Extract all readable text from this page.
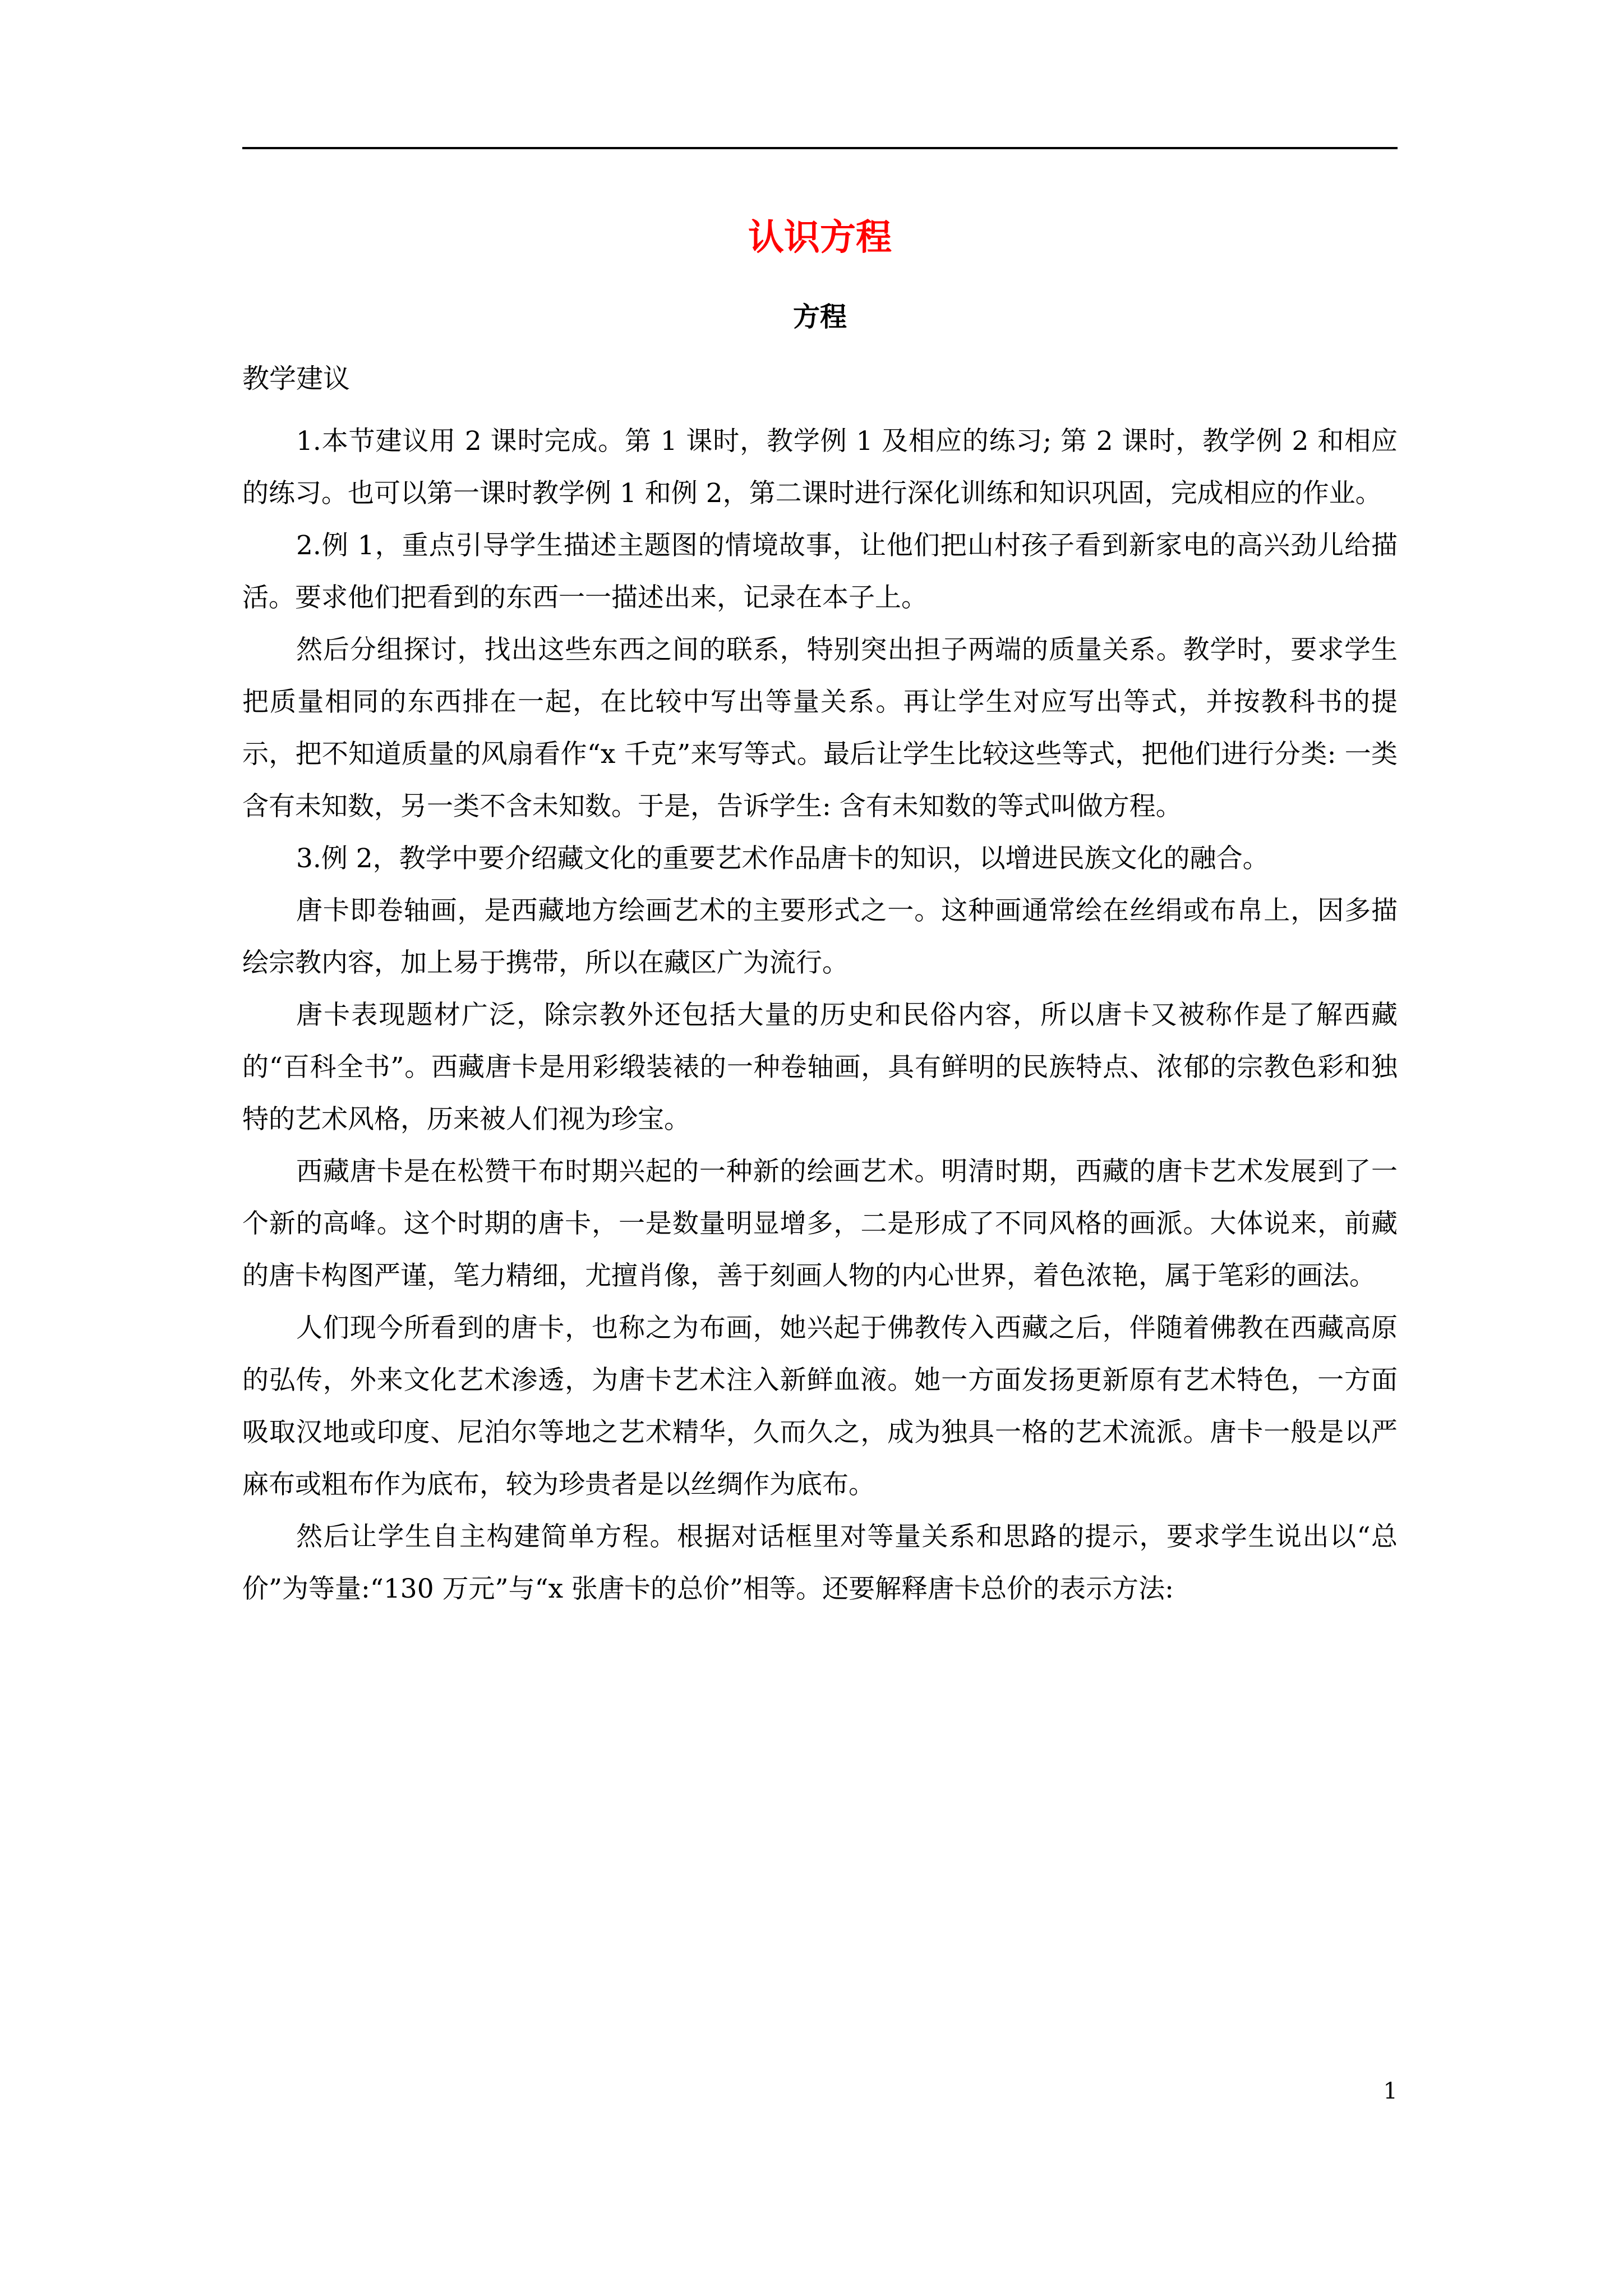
认识方程
方程
教学建议

1.本节建议用 2 课时完成。第 1 课时，教学例 1 及相应的练习; 第 2 课时，教学例 2 和相应的练习。也可以第一课时教学例 1 和例 2，第二课时进行深化训练和知识巩固，完成相应的作业。

2.例 1，重点引导学生描述主题图的情境故事，让他们把山村孩子看到新家电的高兴劲儿给描活。要求他们把看到的东西一一描述出来，记录在本子上。

然后分组探讨，找出这些东西之间的联系，特别突出担子两端的质量关系。教学时，要求学生把质量相同的东西排在一起，在比较中写出等量关系。再让学生对应写出等式，并按教科书的提示，把不知道质量的风扇看作“x 千克”来写等式。最后让学生比较这些等式，把他们进行分类: 一类含有未知数，另一类不含未知数。于是，告诉学生: 含有未知数的等式叫做方程。

3.例 2，教学中要介绍藏文化的重要艺术作品唐卡的知识，以增进民族文化的融合。

唐卡即卷轴画，是西藏地方绘画艺术的主要形式之一。这种画通常绘在丝绢或布帛上，因多描绘宗教内容，加上易于携带，所以在藏区广为流行。

唐卡表现题材广泛，除宗教外还包括大量的历史和民俗内容，所以唐卡又被称作是了解西藏的“百科全书”。西藏唐卡是用彩缎装裱的一种卷轴画，具有鲜明的民族特点、浓郁的宗教色彩和独特的艺术风格，历来被人们视为珍宝。

西藏唐卡是在松赞干布时期兴起的一种新的绘画艺术。明清时期，西藏的唐卡艺术发展到了一个新的高峰。这个时期的唐卡，一是数量明显增多，二是形成了不同风格的画派。大体说来，前藏的唐卡构图严谨，笔力精细，尤擅肖像，善于刻画人物的内心世界，着色浓艳，属于笔彩的画法。

人们现今所看到的唐卡，也称之为布画，她兴起于佛教传入西藏之后，伴随着佛教在西藏高原的弘传，外来文化艺术渗透，为唐卡艺术注入新鲜血液。她一方面发扬更新原有艺术特色，一方面吸取汉地或印度、尼泊尔等地之艺术精华，久而久之，成为独具一格的艺术流派。唐卡一般是以严麻布或粗布作为底布，较为珍贵者是以丝绸作为底布。

然后让学生自主构建简单方程。根据对话框里对等量关系和思路的提示，要求学生说出以“总价”为等量:“130 万元”与“x 张唐卡的总价”相等。还要解释唐卡总价的表示方法:

1
